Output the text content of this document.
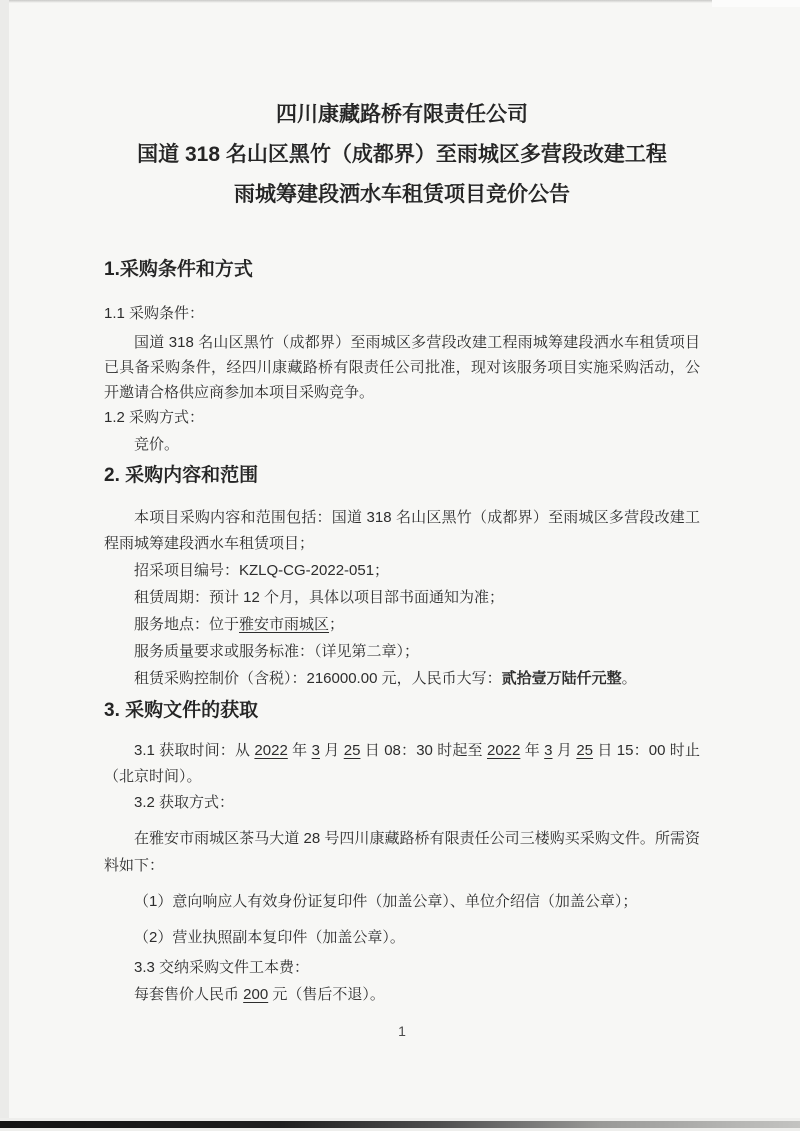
四川康藏路桥有限责任公司
国道 318 名山区黑竹（成都界）至雨城区多营段改建工程
雨城筹建段洒水车租赁项目竞价公告
1.采购条件和方式
1.1 采购条件：

国道 318 名山区黑竹（成都界）至雨城区多营段改建工程雨城筹建段洒水车租赁项目已具备采购条件，经四川康藏路桥有限责任公司批准，现对该服务项目实施采购活动，公开邀请合格供应商参加本项目采购竞争。

1.2 采购方式：
竞价。
2. 采购内容和范围

本项目采购内容和范围包括：国道 318 名山区黑竹（成都界）至雨城区多营段改建工程雨城筹建段洒水车租赁项目；

招采项目编号：KZLQ-CG-2022-051；
租赁周期：预计 12 个月，具体以项目部书面通知为准；
服务地点：位于雅安市雨城区；
服务质量要求或服务标准：（详见第二章）；
租赁采购控制价（含税）：216000.00 元，人民币大写：贰拾壹万陆仟元整。
3. 采购文件的获取

3.1 获取时间：从 2022 年 3 月 25 日 08：30 时起至 2022 年 3 月 25 日 15：00 时止（北京时间）。

3.2 获取方式：

在雅安市雨城区茶马大道 28 号四川康藏路桥有限责任公司三楼购买采购文件。所需资料如下：

（1）意向响应人有效身份证复印件（加盖公章）、单位介绍信（加盖公章）；
（2）营业执照副本复印件（加盖公章）。
3.3 交纳采购文件工本费：
每套售价人民币 200 元（售后不退）。
1
